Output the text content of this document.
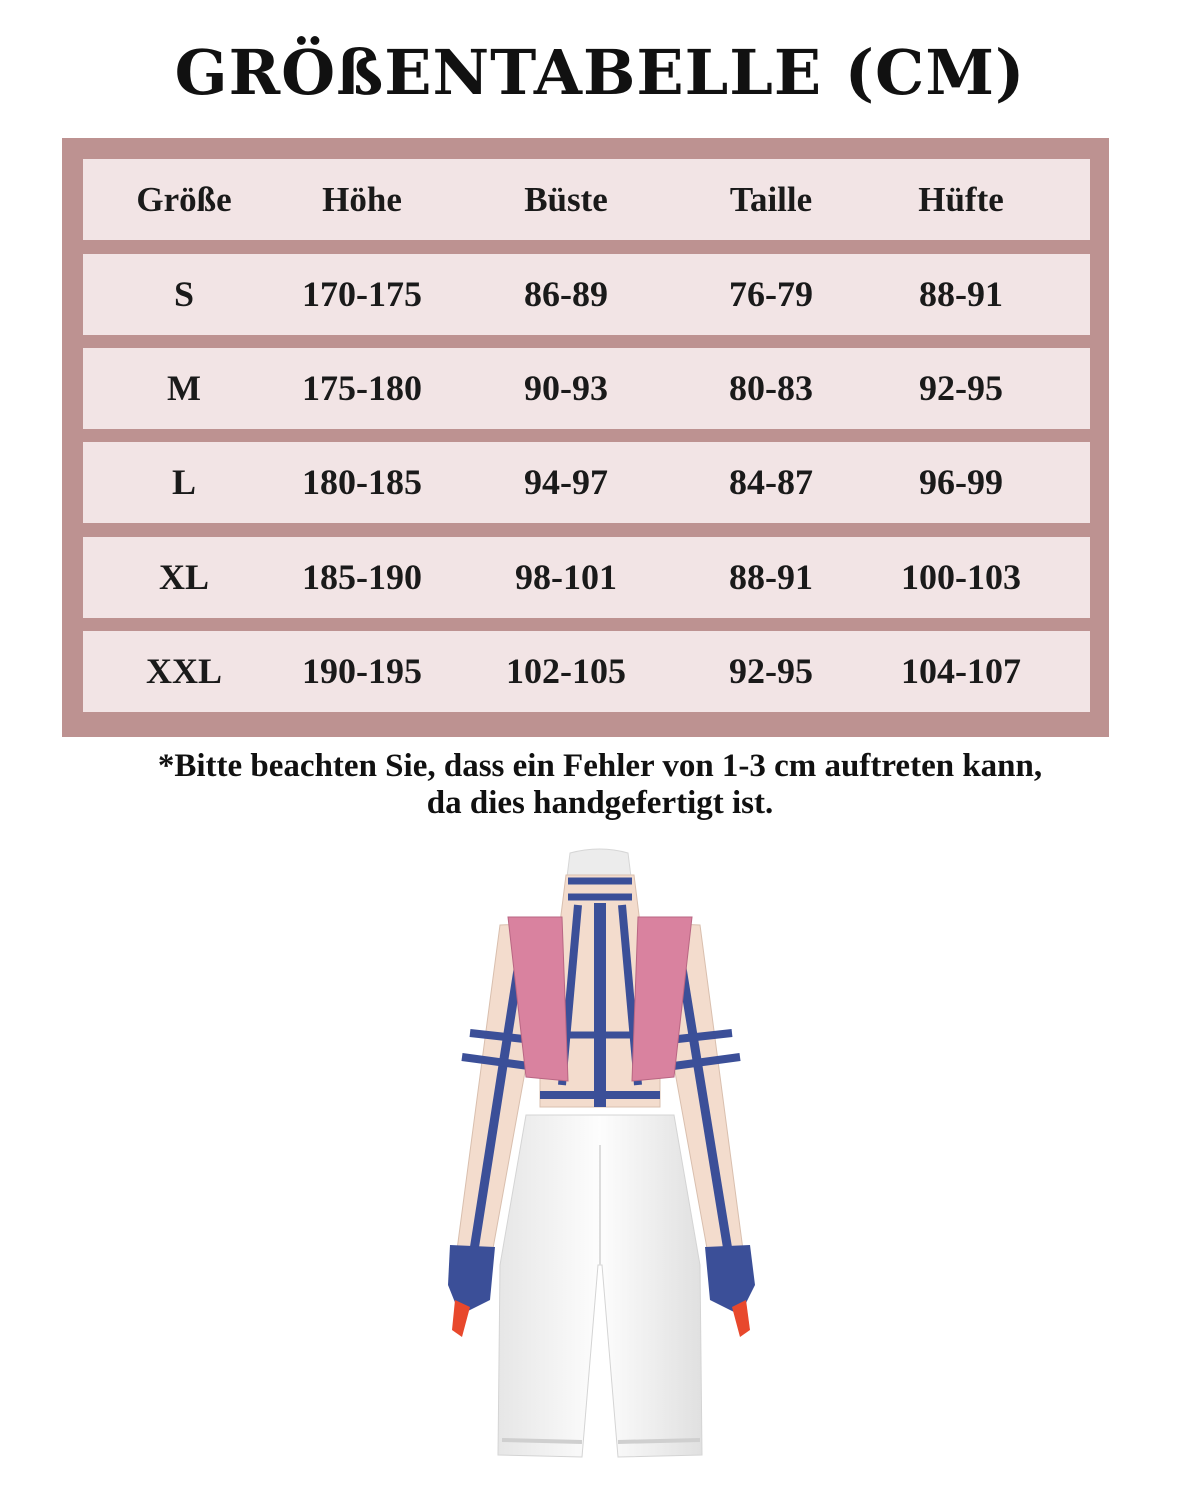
GRÖßENTABELLE (CM)
Größe	Höhe	Büste	Taille	Hüfte
S	170-175	86-89	76-79	88-91
M	175-180	90-93	80-83	92-95
L	180-185	94-97	84-87	96-99
XL	185-190	98-101	88-91 100-103
XXL 190-195 102-105	92-95 104-107
*Bitte beachten Sie, dass ein Fehler von 1-3 cm auftreten kann,
da dies handgefertigt ist.
